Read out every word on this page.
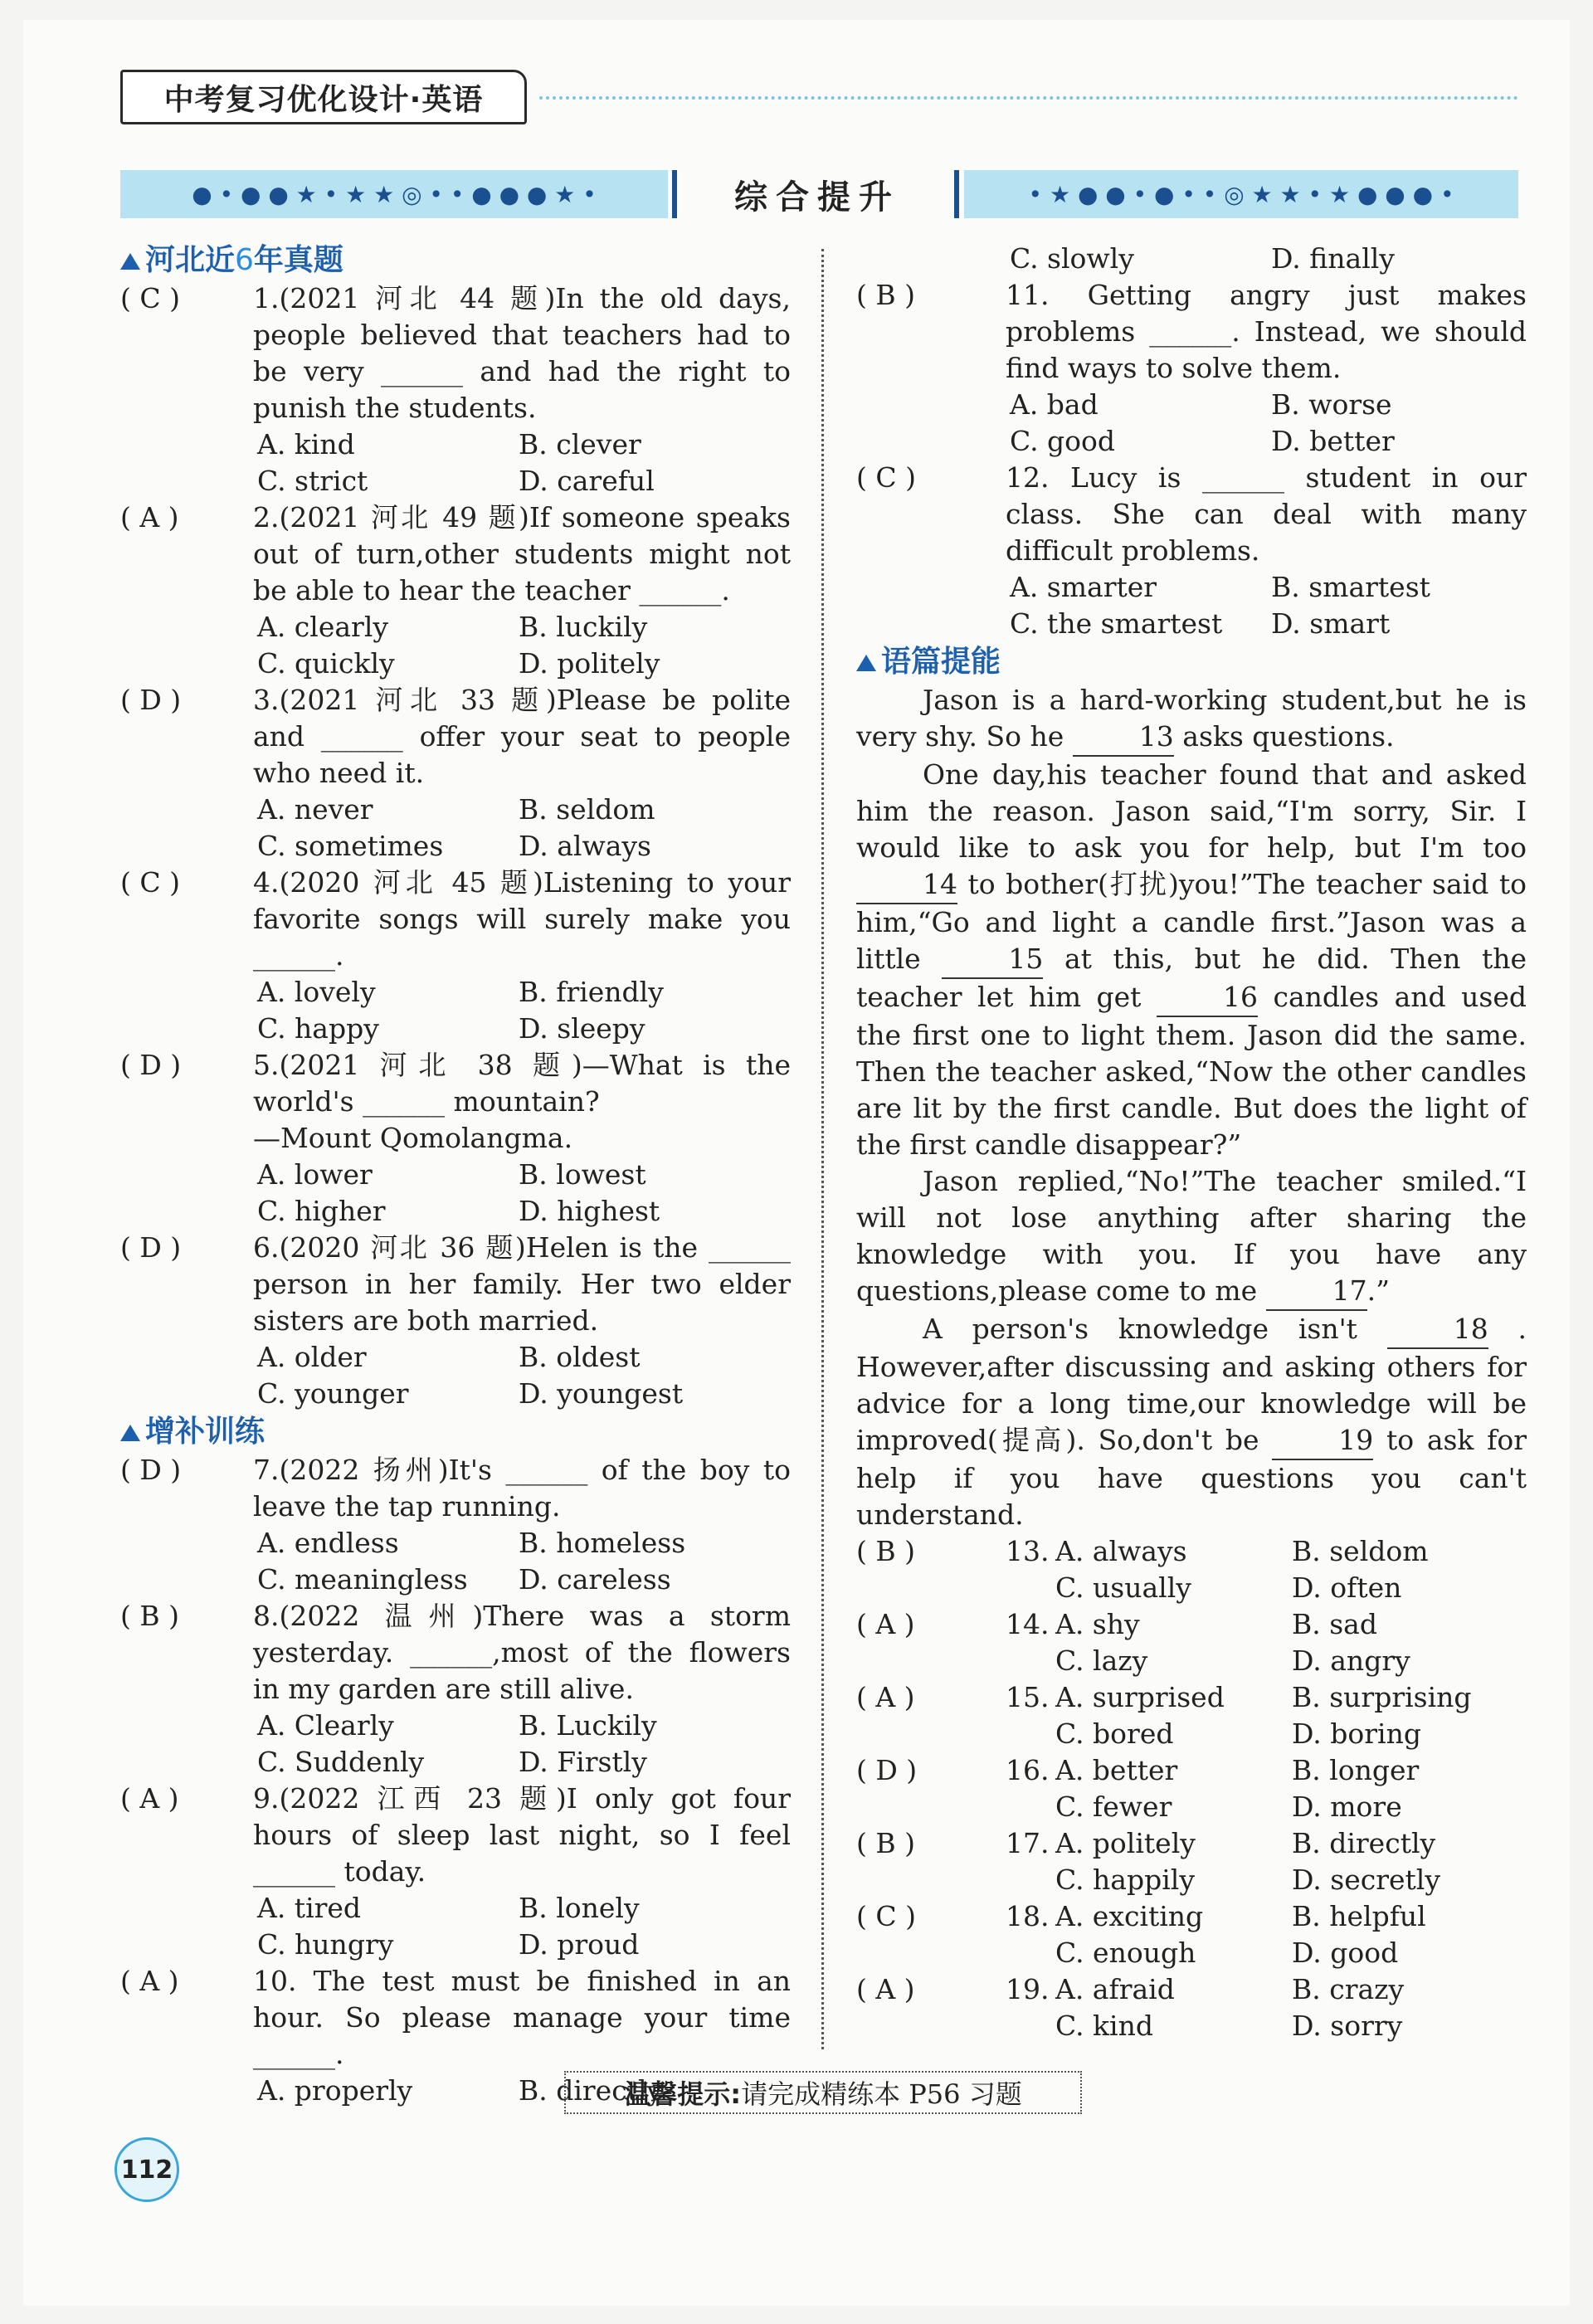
中考复习优化设计·英语
● • ● ● ★ • ★ ★ ◎ • • ● ● ● ★ •	综合提升	• ★ ● ● • ● • • ◎ ★ ★ • ★ ● ● ● •
河北近6年真题
( C )	1.(2021 河北 44 题)In the old days, people believed that teachers had to be very ______ and had the right to punish the students.
A. kind	B. clever
C. strict	D. careful
( A )	2.(2021 河北 49 题)If someone speaks out of turn,other students might not be able to hear the teacher ______.
A. clearly	B. luckily
C. quickly	D. politely
( D )	3.(2021 河北 33 题)Please be polite and ______ offer your seat to people who need it.
A. never	B. seldom
C. sometimes	D. always
( C )	4.(2020 河北 45 题)Listening to your favorite songs will surely make you ______.
A. lovely	B. friendly
C. happy	D. sleepy
( D )	5.(2021 河北 38 题)—What is the world's ______ mountain?
—Mount Qomolangma.
A. lower	B. lowest
C. higher	D. highest
( D )	6.(2020 河北 36 题)Helen is the ______ person in her family. Her two elder sisters are both married.
A. older	B. oldest
C. younger	D. youngest
增补训练
( D )	7.(2022 扬州)It's ______ of the boy to leave the tap running.
A. endless	B. homeless
C. meaningless	D. careless
( B )	8.(2022 温州)There was a storm yesterday. ______,most of the flowers in my garden are still alive.
A. Clearly	B. Luckily
C. Suddenly	D. Firstly
( A )	9.(2022 江西 23 题)I only got four hours of sleep last night, so I feel ______ today.
A. tired	B. lonely
C. hungry	D. proud
( A )	10. The test must be finished in an hour. So please manage your time ______.
A. properly	B. directly
C. slowly	D. finally
( B )	11. Getting angry just makes problems ______. Instead, we should find ways to solve them.
A. bad	B. worse
C. good	D. better
( C )	12. Lucy is ______ student in our class. She can deal with many difficult problems.
A. smarter	B. smartest
C. the smartest	D. smart
语篇提能
Jason is a hard-working student,but he is very shy. So he	13 asks questions.
One day,his teacher found that and asked him the reason. Jason said,“I'm sorry, Sir. I would like to ask you for help, but I'm too 14 to bother(打扰)you!”The teacher said to him,“Go and light a candle first.”Jason was a little	15 at this, but he did. Then the teacher let him get	16 candles and used the first one to light them. Jason did the same. Then the teacher asked,“Now the other candles are lit by the first candle. But does the light of the first candle disappear?”
Jason replied,“No!”The teacher smiled.“I will not lose anything after sharing the knowledge with you. If you have any questions,please come to me	17.”
A person's knowledge isn't	18 . However,after discussing and asking others for advice for a long time,our knowledge will be improved(提高). So,don't be	19 to ask for help if you have questions you can't understand.
( B )	13. A. always	B. seldom
C. usually	D. often
( A )	14. A. shy	B. sad
C. lazy	D. angry
( A )	15. A. surprised	B. surprising
C. bored	D. boring
( D )	16. A. better	B. longer
C. fewer	D. more
( B )	17. A. politely	B. directly
C. happily	D. secretly
( C )	18. A. exciting	B. helpful
C. enough	D. good
( A )	19. A. afraid	B. crazy
C. kind	D. sorry
温馨提示: 请完成精练本 P56 习题
112
